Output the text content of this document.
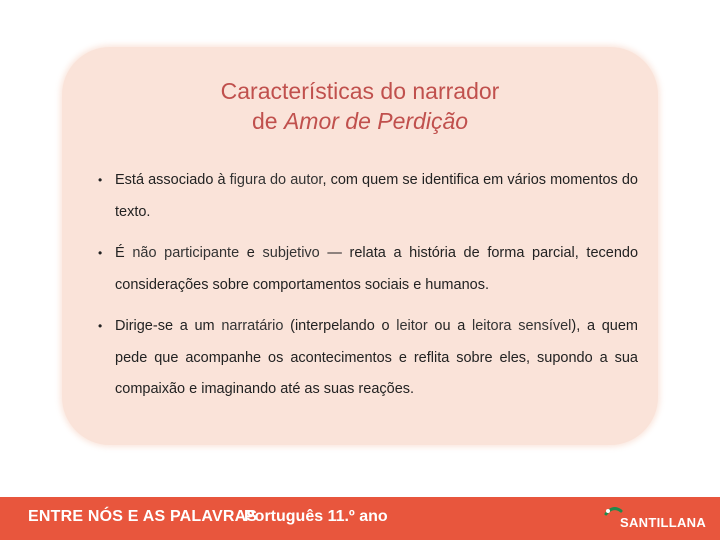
Características do narrador
de Amor de Perdição
• Está associado à figura do autor, com quem se identifica em vários momentos do texto.
• É não participante e subjetivo — relata a história de forma parcial, tecendo considerações sobre comportamentos sociais e humanos.
• Dirige-se a um narratário (interpelando o leitor ou a leitora sensível), a quem pede que acompanhe os acontecimentos e reflita sobre eles, supondo a sua compaixão e imaginando até as suas reações.
ENTRE NÓS E AS PALAVRAS
Português 11.º ano	SANTILLANA
